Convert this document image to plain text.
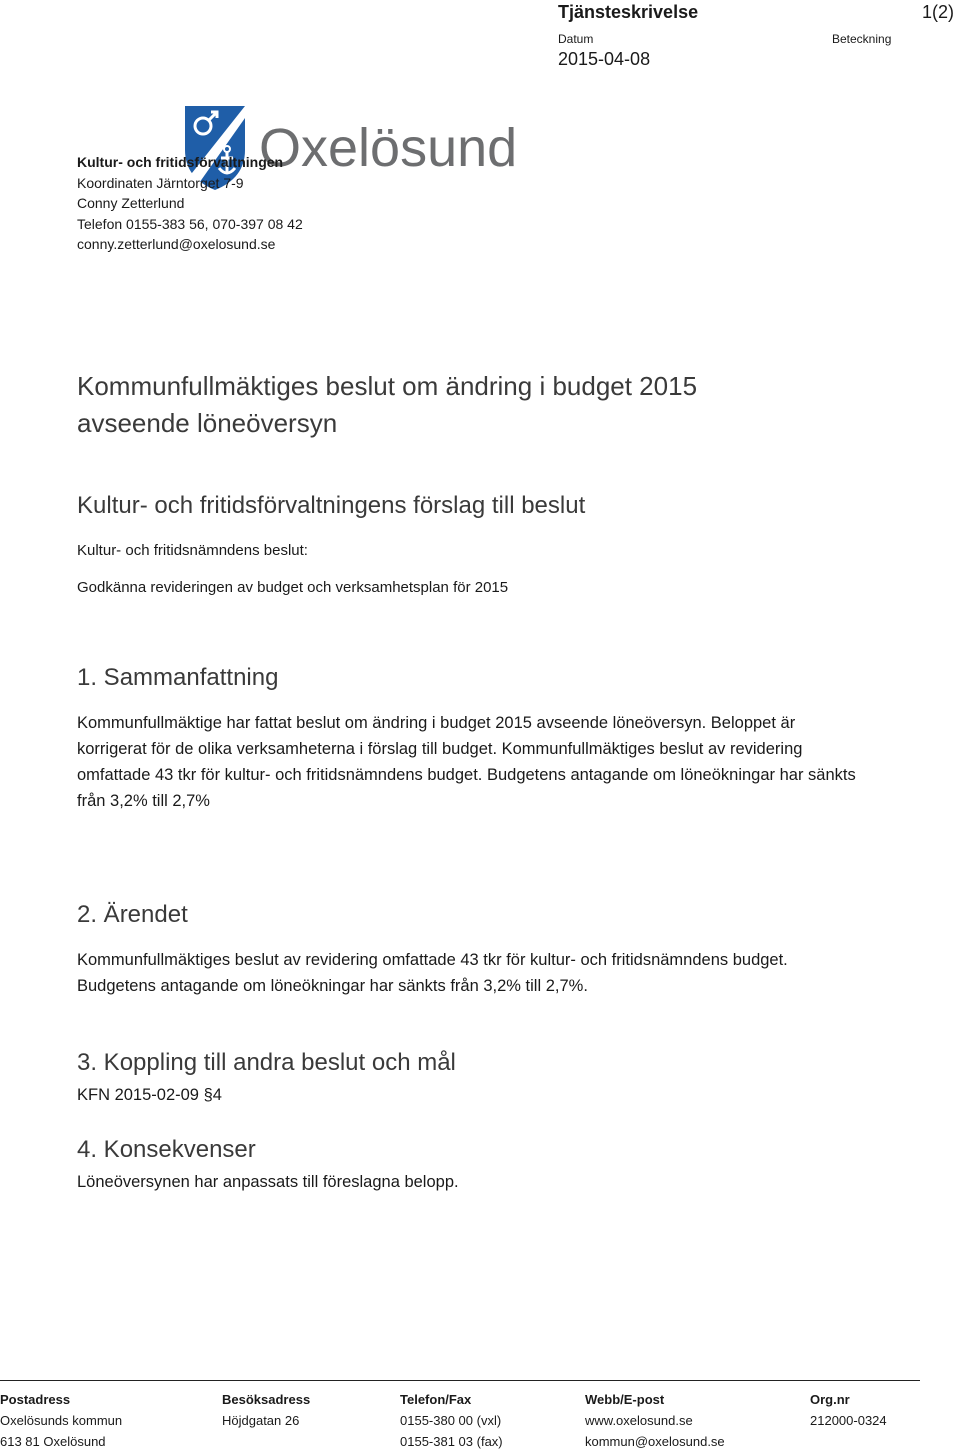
Tjänsteskrivelse	1(2)
Datum	Beteckning
2015-04-08
Oxelösund
Kultur- och fritidsförvaltningen
Koordinaten Järntorget 7-9
Conny Zetterlund
Telefon 0155-383 56, 070-397 08 42
conny.zetterlund@oxelosund.se
Kommunfullmäktiges beslut om ändring i budget 2015
avseende löneöversyn
Kultur- och fritidsförvaltningens förslag till beslut
Kultur- och fritidsnämndens beslut:
Godkänna revideringen av budget och verksamhetsplan för 2015
1. Sammanfattning
Kommunfullmäktige har fattat beslut om ändring i budget 2015 avseende löneöversyn. Beloppet är korrigerat för de olika verksamheterna i förslag till budget. Kommunfullmäktiges beslut av revidering omfattade 43 tkr för kultur- och fritidsnämndens budget. Budgetens antagande om löneökningar har sänkts från 3,2% till 2,7%
2. Ärendet
Kommunfullmäktiges beslut av revidering omfattade 43 tkr för kultur- och fritidsnämndens budget. Budgetens antagande om löneökningar har sänkts från 3,2% till 2,7%.
3. Koppling till andra beslut och mål
KFN 2015-02-09 §4
4. Konsekvenser
Löneöversynen har anpassats till föreslagna belopp.
Postadress
Oxelösunds kommun
613 81 Oxelösund
Besöksadress
Höjdgatan 26
Telefon/Fax
0155-380 00 (vxl)
0155-381 03 (fax)
Webb/E-post
www.oxelosund.se
kommun@oxelosund.se
Org.nr
212000-0324
